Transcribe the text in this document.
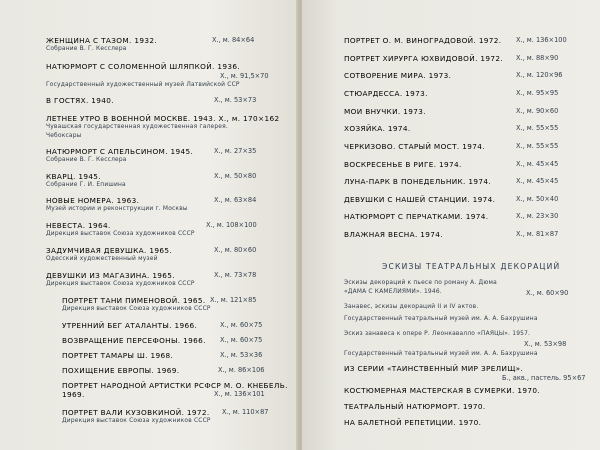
ЖЕНЩИНА С ТАЗОМ. 1932.	Х., м. 84×64
Собрание В. Г. Кесслера
НАТЮРМОРТ С СОЛОМЕННОЙ ШЛЯПКОЙ. 1936.
Х., м. 91,5×70
Государственный художественный музей Латвийской ССР
В ГОСТЯХ. 1940.	Х., м. 53×73
ЛЕТНЕЕ УТРО В ВОЕННОЙ МОСКВЕ. 1943. Х., м. 170×162
Чувашская государственная художественная галерея.
Чебоксары
НАТЮРМОРТ С АПЕЛЬСИНОМ. 1945.	Х., м. 27×35
Собрание В. Г. Кесслера
КВАРЦ. 1945.	Х., м. 50×80
Собрание Г. И. Епишина
НОВЫЕ НОМЕРА. 1963.	Х., м. 63×84
Музей истории и реконструкции г. Москвы
НЕВЕСТА. 1964.	Х., м. 108×100
Дирекция выставок Союза художников СССР
ЗАДУМЧИВАЯ ДЕВУШКА. 1965.	Х., м. 80×60
Одесский художественный музей
ДЕВУШКИ ИЗ МАГАЗИНА. 1965.	Х., м. 73×78
Дирекция выставок Союза художников СССР
ПОРТРЕТ ТАНИ ПИМЕНОВОЙ. 1965. Х., м. 121×85
Дирекция выставок Союза художников СССР
УТРЕННИЙ БЕГ АТАЛАНТЫ. 1966.	Х., м. 60×75
ВОЗВРАЩЕНИЕ ПЕРСЕФОНЫ. 1966. Х., м. 60×75
ПОРТРЕТ ТАМАРЫ Ш. 1968.	Х., м. 53×36
ПОХИЩЕНИЕ ЕВРОПЫ. 1969.	Х., м. 86×106
ПОРТРЕТ НАРОДНОЙ АРТИСТКИ РСФСР М. О. КНЕБЕЛЬ.
1969.	Х., м. 136×101
ПОРТРЕТ ВАЛИ КУЗОВКИНОЙ. 1972. Х., м. 110×87
Дирекция выставок Союза художников СССР
ПОРТРЕТ О. М. ВИНОГРАДОВОЙ. 1972. Х., м. 136×100
ПОРТРЕТ ХИРУРГА ЮХВИДОВОЙ. 1972. Х., м. 88×90
СОТВОРЕНИЕ МИРА. 1973.	Х., м. 120×96
СТЮАРДЕССА. 1973.	Х., м. 95×95
МОИ ВНУЧКИ. 1973.	Х., м. 90×60
ХОЗЯЙКА. 1974.	Х., м. 55×55
ЧЕРКИЗОВО. СТАРЫЙ МОСТ. 1974.	Х., м. 55×55
ВОСКРЕСЕНЬЕ В РИГЕ. 1974.	Х., м. 45×45
ЛУНА-ПАРК В ПОНЕДЕЛЬНИК. 1974.	Х., м. 45×45
ДЕВУШКИ С НАШЕЙ СТАНЦИИ. 1974.	Х., м. 50×40
НАТЮРМОРТ С ПЕРЧАТКАМИ. 1974.	Х., м. 23×30
ВЛАЖНАЯ ВЕСНА. 1974.	Х., м. 81×87
ЭСКИЗЫ ТЕАТРАЛЬНЫХ ДЕКОРАЦИЙ
Эскизы декораций к пьесе по роману А. Дюма
«ДАМА С КАМЕЛИЯМИ». 1946.	Х., м. 60×90
Занавес, эскизы декораций II и IV актов.
Государственный театральный музей им. А. А. Бахрушина
Эскиз занавеса к опере Р. Леонкавалло «ПАЯЦЫ». 1957.
Х., м. 53×98
Государственный театральный музей им. А. А. Бахрушина
ИЗ СЕРИИ «ТАИНСТВЕННЫЙ МИР ЗРЕЛИЩ».
Б., акв., пастель. 95×67
КОСТЮМЕРНАЯ МАСТЕРСКАЯ В СУМЕРКИ. 1970.
ТЕАТРАЛЬНЫЙ НАТЮРМОРТ. 1970.
НА БАЛЕТНОЙ РЕПЕТИЦИИ. 1970.
